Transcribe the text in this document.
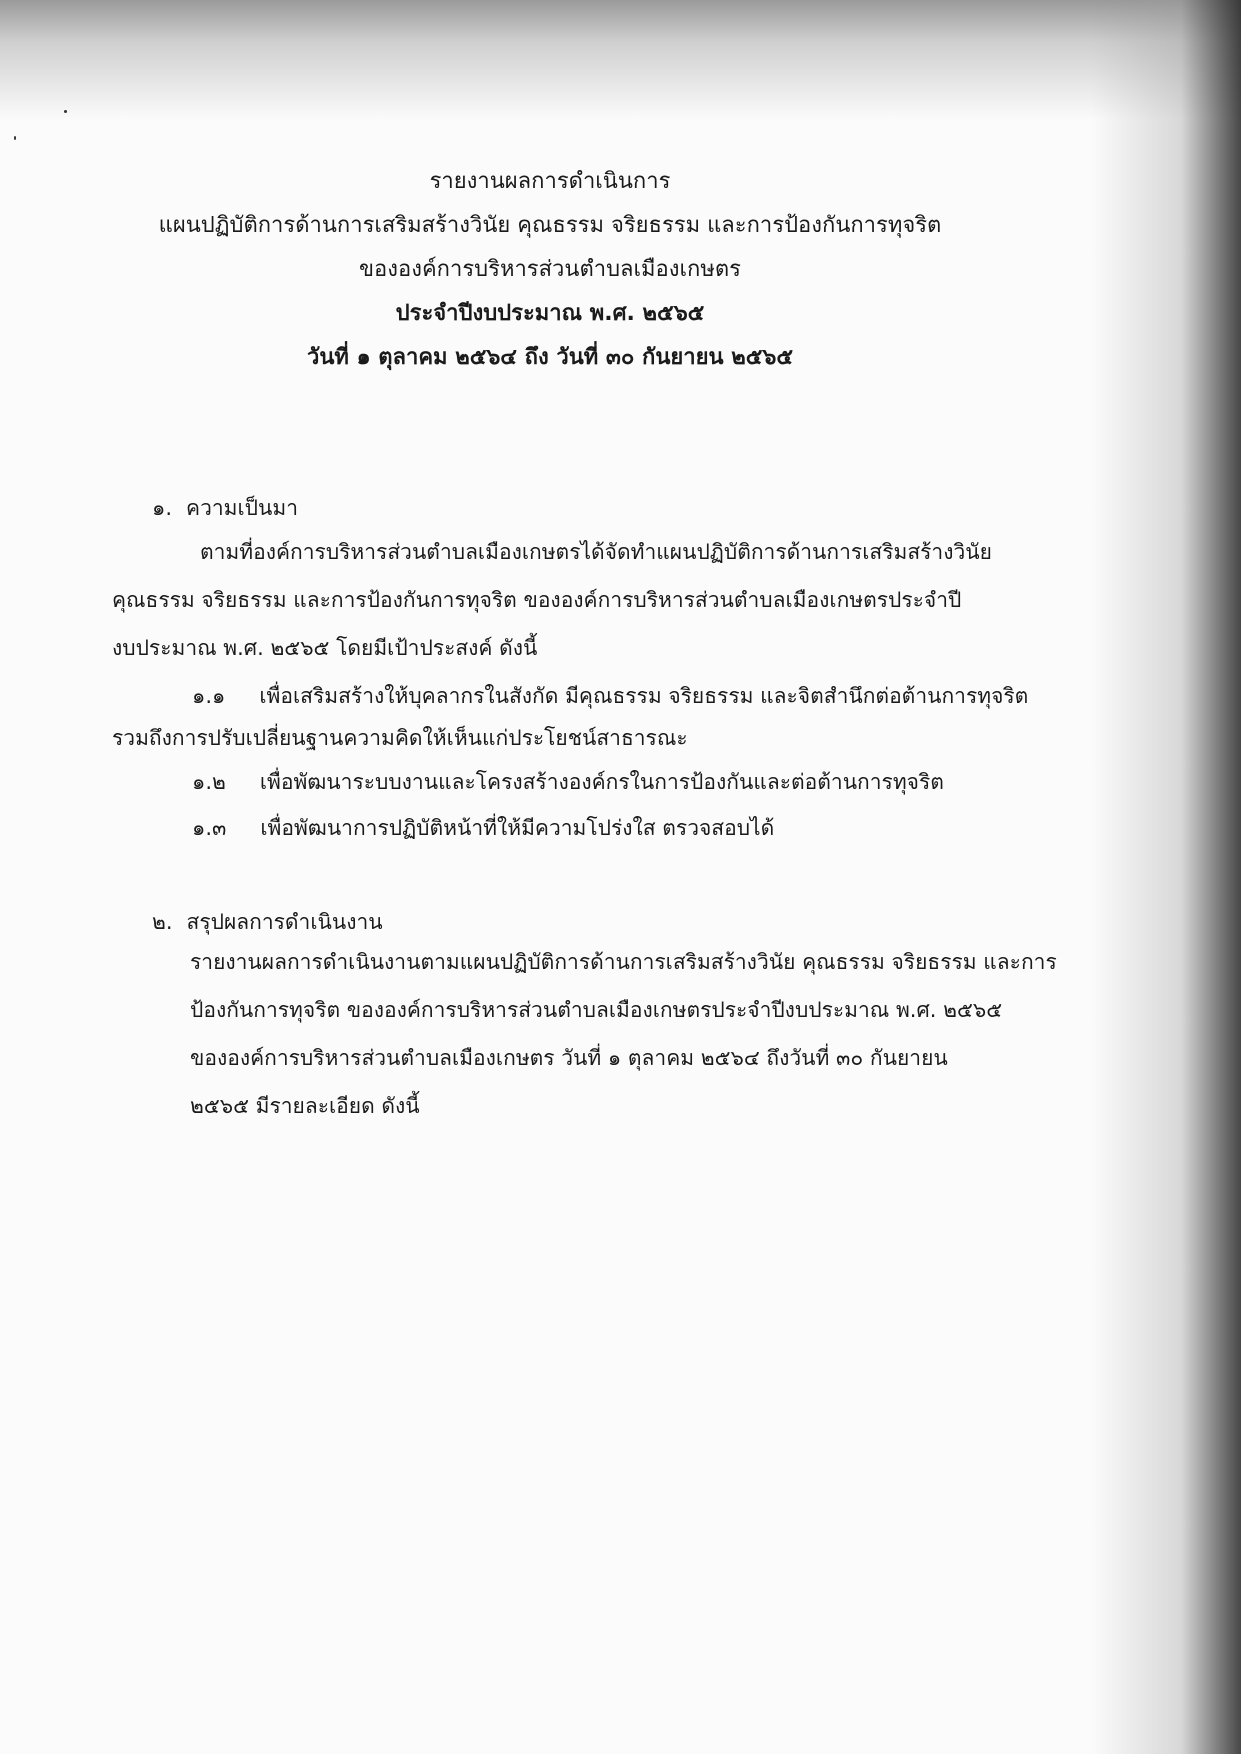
รายงานผลการดำเนินการ
แผนปฏิบัติการด้านการเสริมสร้างวินัย คุณธรรม จริยธรรม และการป้องกันการทุจริต
ขององค์การบริหารส่วนตำบลเมืองเกษตร
ประจำปีงบประมาณ พ.ศ. ๒๕๖๕
วันที่ ๑ ตุลาคม ๒๕๖๔ ถึง วันที่ ๓๐ กันยายน ๒๕๖๕
๑. ความเป็นมา
ตามที่องค์การบริหารส่วนตำบลเมืองเกษตรได้จัดทำแผนปฏิบัติการด้านการเสริมสร้างวินัย
คุณธรรม จริยธรรม และการป้องกันการทุจริต ขององค์การบริหารส่วนตำบลเมืองเกษตรประจำปี
งบประมาณ พ.ศ. ๒๕๖๕ โดยมีเป้าประสงค์ ดังนี้
๑.๑ เพื่อเสริมสร้างให้บุคลากรในสังกัด มีคุณธรรม จริยธรรม และจิตสำนึกต่อต้านการทุจริต
รวมถึงการปรับเปลี่ยนฐานความคิดให้เห็นแก่ประโยชน์สาธารณะ
๑.๒ เพื่อพัฒนาระบบงานและโครงสร้างองค์กรในการป้องกันและต่อต้านการทุจริต
๑.๓ เพื่อพัฒนาการปฏิบัติหน้าที่ให้มีความโปร่งใส ตรวจสอบได้
๒. สรุปผลการดำเนินงาน
รายงานผลการดำเนินงานตามแผนปฏิบัติการด้านการเสริมสร้างวินัย คุณธรรม จริยธรรม และการ
ป้องกันการทุจริต ขององค์การบริหารส่วนตำบลเมืองเกษตรประจำปีงบประมาณ พ.ศ. ๒๕๖๕
ขององค์การบริหารส่วนตำบลเมืองเกษตร วันที่ ๑ ตุลาคม ๒๕๖๔ ถึงวันที่ ๓๐ กันยายน
๒๕๖๕ มีรายละเอียด ดังนี้
